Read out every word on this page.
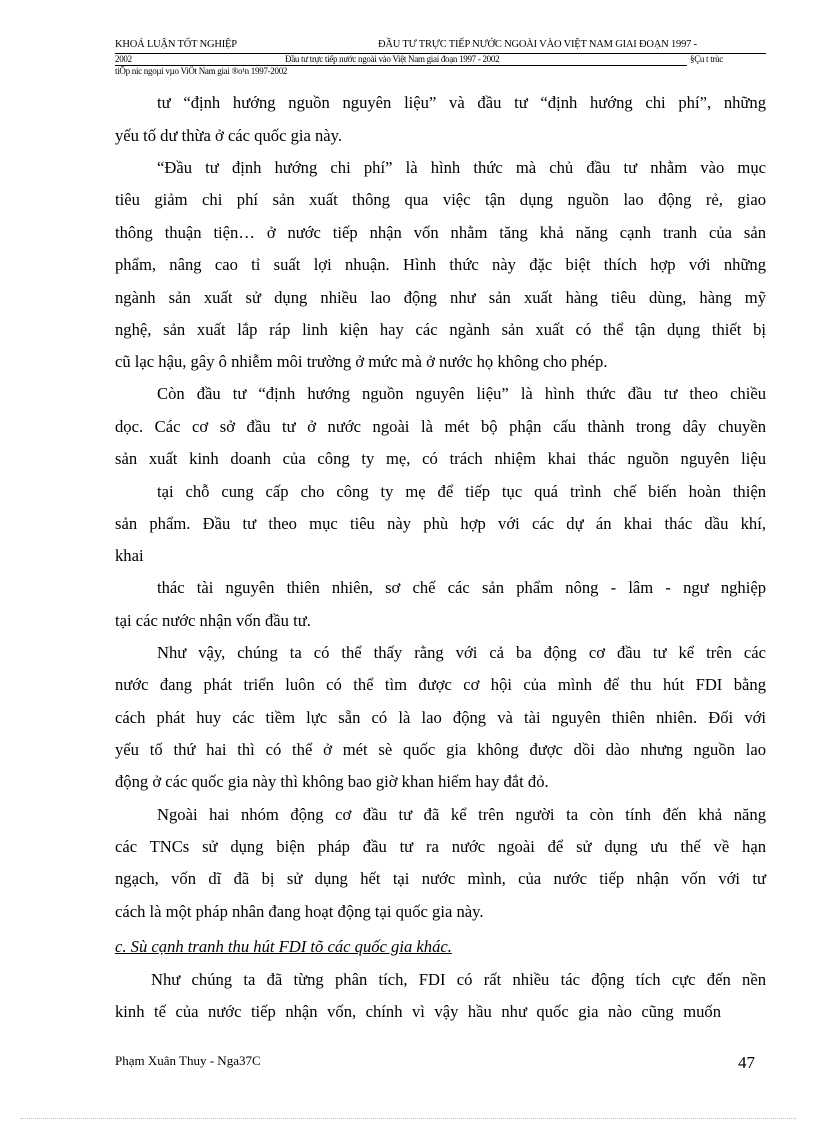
KHOÁ LUẬN TỐT NGHIỆP	ĐẦU TƯ TRỰC TIẾP NƯỚC NGOÀI VÀO VIỆT NAM GIAI ĐOẠN 1997 -
2002	Đầu tư trực tiếp nước ngoài vào Việt Nam giai đoạn 1997 - 2002	§Çu t trùc
tiÕp níc ngoµi vµo ViÖt Nam giai ®o¹n 1997-2002
tư “định hướng nguồn nguyên liệu” và đầu tư “định hướng chi phí”, những
yếu tố dư thừa ở các quốc gia này.
“Đầu tư định hướng chi phí” là hình thức mà chủ đầu tư nhằm vào mục
tiêu giảm chi phí sản xuất thông qua việc tận dụng nguồn lao động rẻ, giao
thông thuận tiện… ở nước tiếp nhận vốn nhằm tăng khả năng cạnh tranh của sản
phẩm, nâng cao tỉ suất lợi nhuận. Hình thức này đặc biệt thích hợp với những
ngành sản xuất sử dụng nhiều lao động như sản xuất hàng tiêu dùng, hàng mỹ
nghệ, sản xuất lắp ráp linh kiện hay các ngành sản xuất có thể tận dụng thiết bị
cũ lạc hậu, gây ô nhiễm môi trường ở mức mà ở nước họ không cho phép.
Còn đầu tư “định hướng nguồn nguyên liệu” là hình thức đầu tư theo chiều
dọc. Các cơ sở đầu tư ở nước ngoài là mét bộ phận cấu thành trong dây chuyền
sản xuất kinh doanh của công ty mẹ, có trách nhiệm khai thác nguồn nguyên liệu
tại chỗ cung cấp cho công ty mẹ để tiếp tục quá trình chế biến hoàn thiện
sản phẩm. Đầu tư theo mục tiêu này phù hợp với các dự án khai thác dầu khí,
khai
thác tài nguyên thiên nhiên, sơ chế các sản phẩm nông - lâm - ngư nghiệp
tại các nước nhận vốn đầu tư.
Như vậy, chúng ta có thể thấy rằng với cả ba động cơ đầu tư kể trên các
nước đang phát triển luôn có thể tìm được cơ hội của mình để thu hút FDI bằng
cách phát huy các tiềm lực sẵn có là lao động và tài nguyên thiên nhiên. Đối với
yếu tố thứ hai thì có thể ở mét sè quốc gia không được dồi dào nhưng nguồn lao
động ở các quốc gia này thì không bao giờ khan hiếm hay đắt đỏ.
Ngoài hai nhóm động cơ đầu tư đã kể trên người ta còn tính đến khả năng
các TNCs sử dụng biện pháp đầu tư ra nước ngoài để sử dụng ưu thế về hạn
ngạch, vốn dĩ đã bị sử dụng hết tại nước mình, của nước tiếp nhận vốn với tư
cách là một pháp nhân đang hoạt động tại quốc gia này.
c. Sù cạnh tranh thu hút FDI tõ các quốc gia khác.
Như chúng ta đã từng phân tích, FDI có rất nhiều tác động tích cực đến nền
kinh tế của nước tiếp nhận vốn, chính vì vậy hầu như quốc gia nào cũng muốn
Phạm Xuân Thuy - Nga37C	47
